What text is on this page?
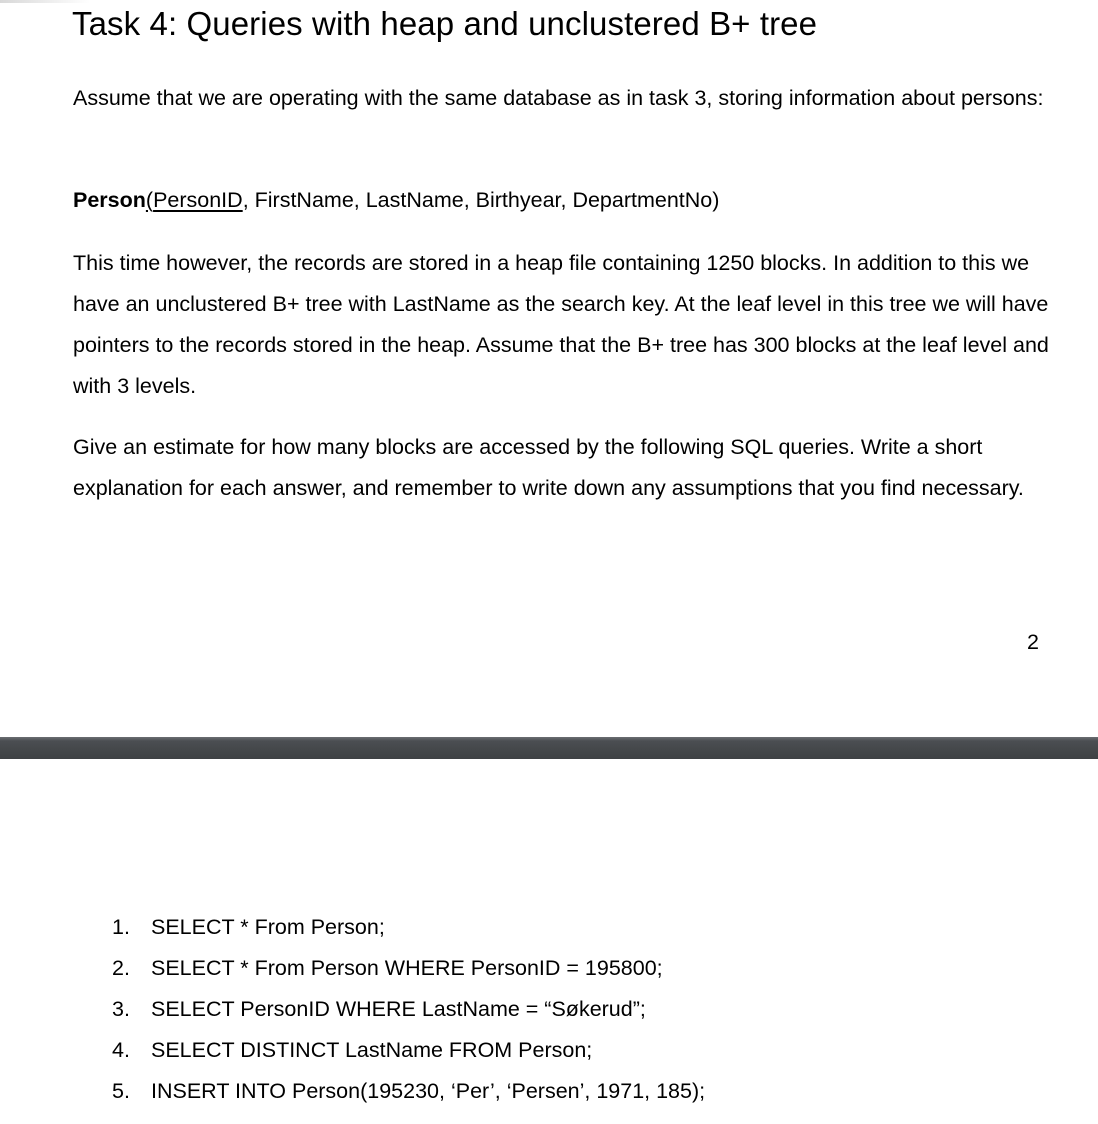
Task 4: Queries with heap and unclustered B+ tree

Assume that we are operating with the same database as in task 3, storing information about persons:

Person(PersonID, FirstName, LastName, Birthyear, DepartmentNo)

This time however, the records are stored in a heap file containing 1250 blocks. In addition to this we have an unclustered B+ tree with LastName as the search key. At the leaf level in this tree we will have pointers to the records stored in the heap. Assume that the B+ tree has 300 blocks at the leaf level and with 3 levels.

Give an estimate for how many blocks are accessed by the following SQL queries. Write a short explanation for each answer, and remember to write down any assumptions that you find necessary.

2
1. SELECT * From Person;
2. SELECT * From Person WHERE PersonID = 195800;
3. SELECT PersonID WHERE LastName = “Søkerud”;
4. SELECT DISTINCT LastName FROM Person;
5. INSERT INTO Person(195230, ‘Per’, ‘Persen’, 1971, 185);
